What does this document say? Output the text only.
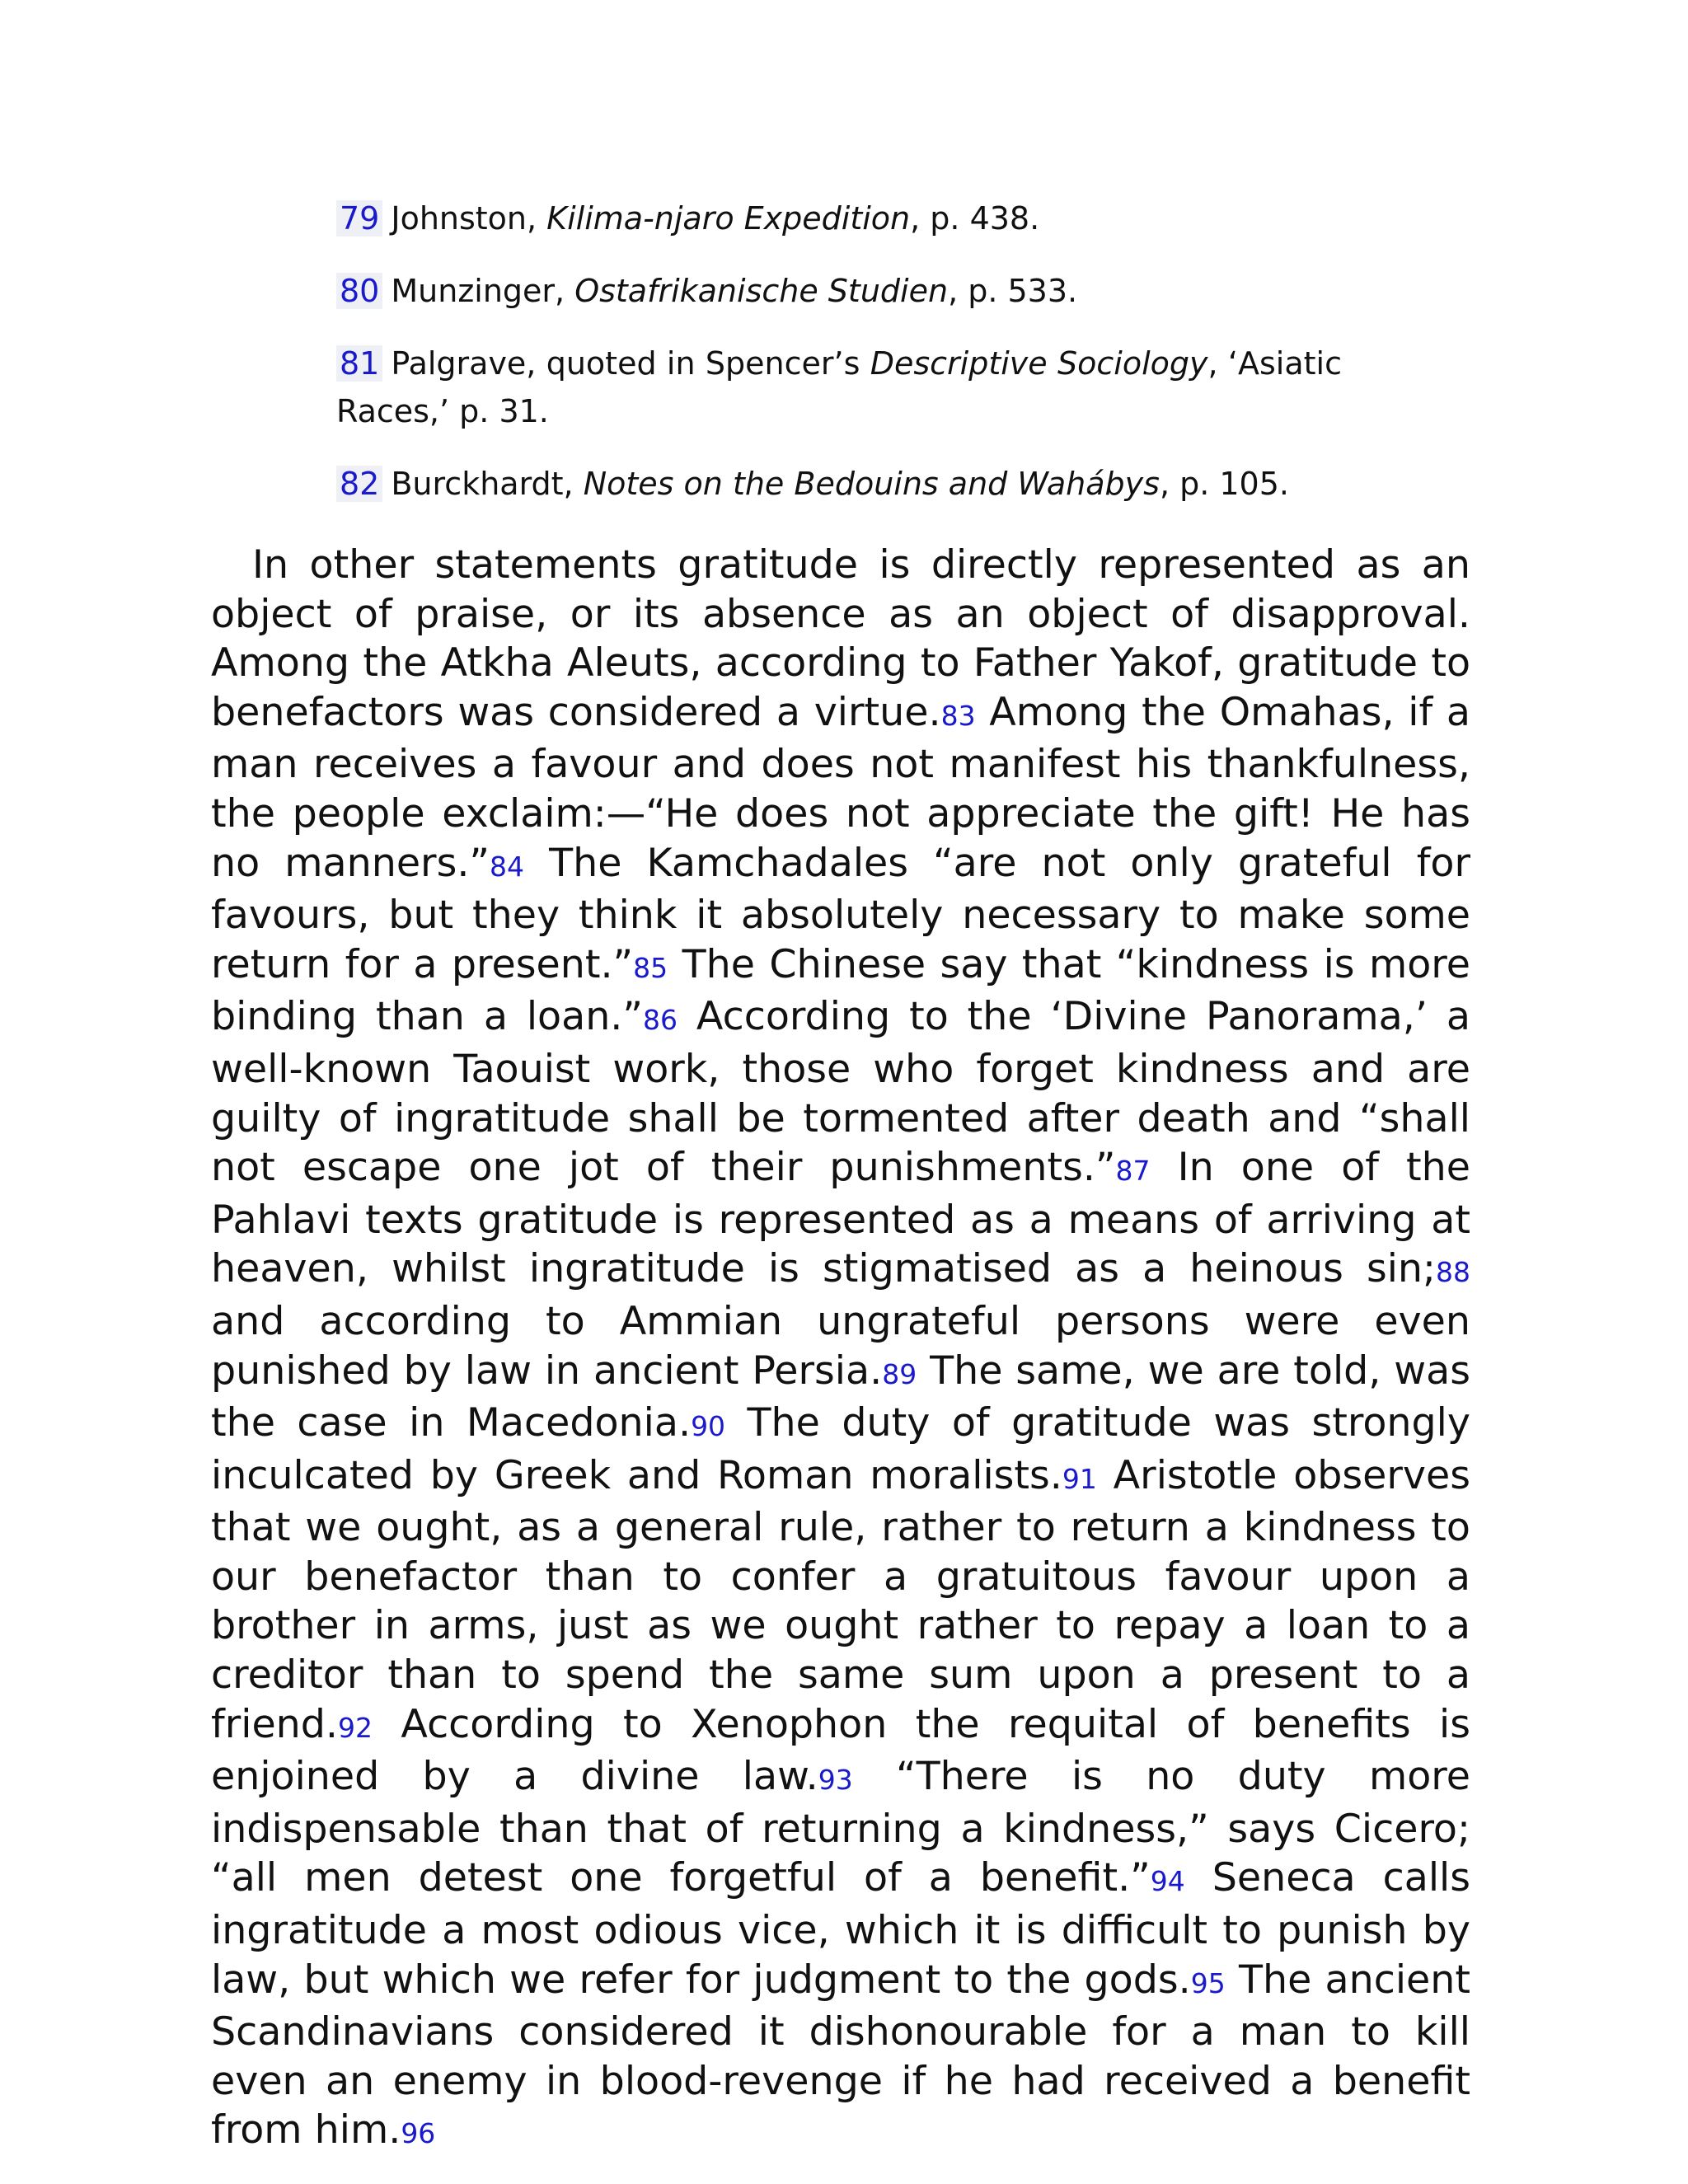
79 Johnston, Kilima-njaro Expedition, p. 438.

80 Munzinger, Ostafrikanische Studien, p. 533.

81 Palgrave, quoted in Spencer’s Descriptive Sociology, ‘Asiatic Races,’ p. 31.

82 Burckhardt, Notes on the Bedouins and Wahábys, p. 105.

In other statements gratitude is directly represented as an object of praise, or its absence as an object of disapproval. Among the Atkha Aleuts, according to Father Yakof, gratitude to benefactors was considered a virtue.83 Among the Omahas, if a man receives a favour and does not manifest his thankfulness, the people exclaim:—“He does not appreciate the gift! He has no manners.”84 The Kamchadales “are not only grateful for favours, but they think it absolutely necessary to make some return for a present.”85 The Chinese say that “kindness is more binding than a loan.”86 According to the ‘Divine Panorama,’ a well-known Taouist work, those who forget kindness and are guilty of ingratitude shall be tormented after death and “shall not escape one jot of their punishments.”87 In one of the Pahlavi texts gratitude is represented as a means of arriving at heaven, whilst ingratitude is stigmatised as a heinous sin;88 and according to Ammian ungrateful persons were even punished by law in ancient Persia.89 The same, we are told, was the case in Macedonia.90 The duty of gratitude was strongly inculcated by Greek and Roman moralists.91 Aristotle observes that we ought, as a general rule, rather to return a kindness to our benefactor than to confer a gratuitous favour upon a brother in arms, just as we ought rather to repay a loan to a creditor than to spend the same sum upon a present to a friend.92 According to Xenophon the requital of benefits is enjoined by a divine law.93 “There is no duty more indispensable than that of returning a kindness,” says Cicero; “all men detest one forgetful of a benefit.”94 Seneca calls ingratitude a most odious vice, which it is difficult to punish by law, but which we refer for judgment to the gods.95 The ancient Scandinavians considered it dishonourable for a man to kill even an enemy in blood-revenge if he had received a benefit from him.96
